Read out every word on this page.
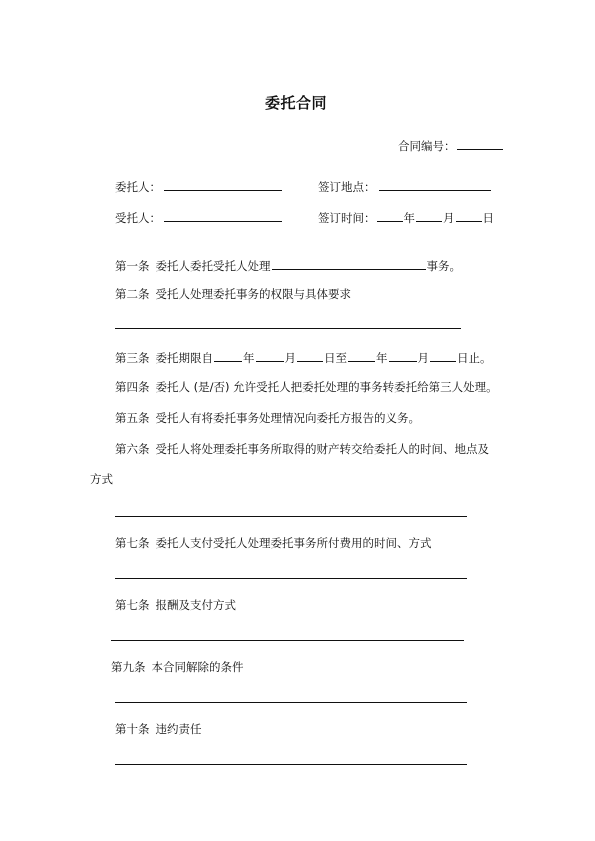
委托合同
合同编号：
委托人：	签订地点：
受托人：	签订时间： 年 月 日
第一条 委托人委托受托人处理	事务。
第二条 受托人处理委托事务的权限与具体要求
第三条 委托期限自	年	月 日至	年	月 日止。
第四条 委托人 (是/否) 允许受托人把委托处理的事务转委托给第三人处理。
第五条 受托人有将委托事务处理情况向委托方报告的义务。
第六条 受托人将处理委托事务所取得的财产转交给委托人的时间、地点及
方式
第七条 委托人支付受托人处理委托事务所付费用的时间、方式
第七条 报酬及支付方式
第九条 本合同解除的条件
第十条 违约责任
